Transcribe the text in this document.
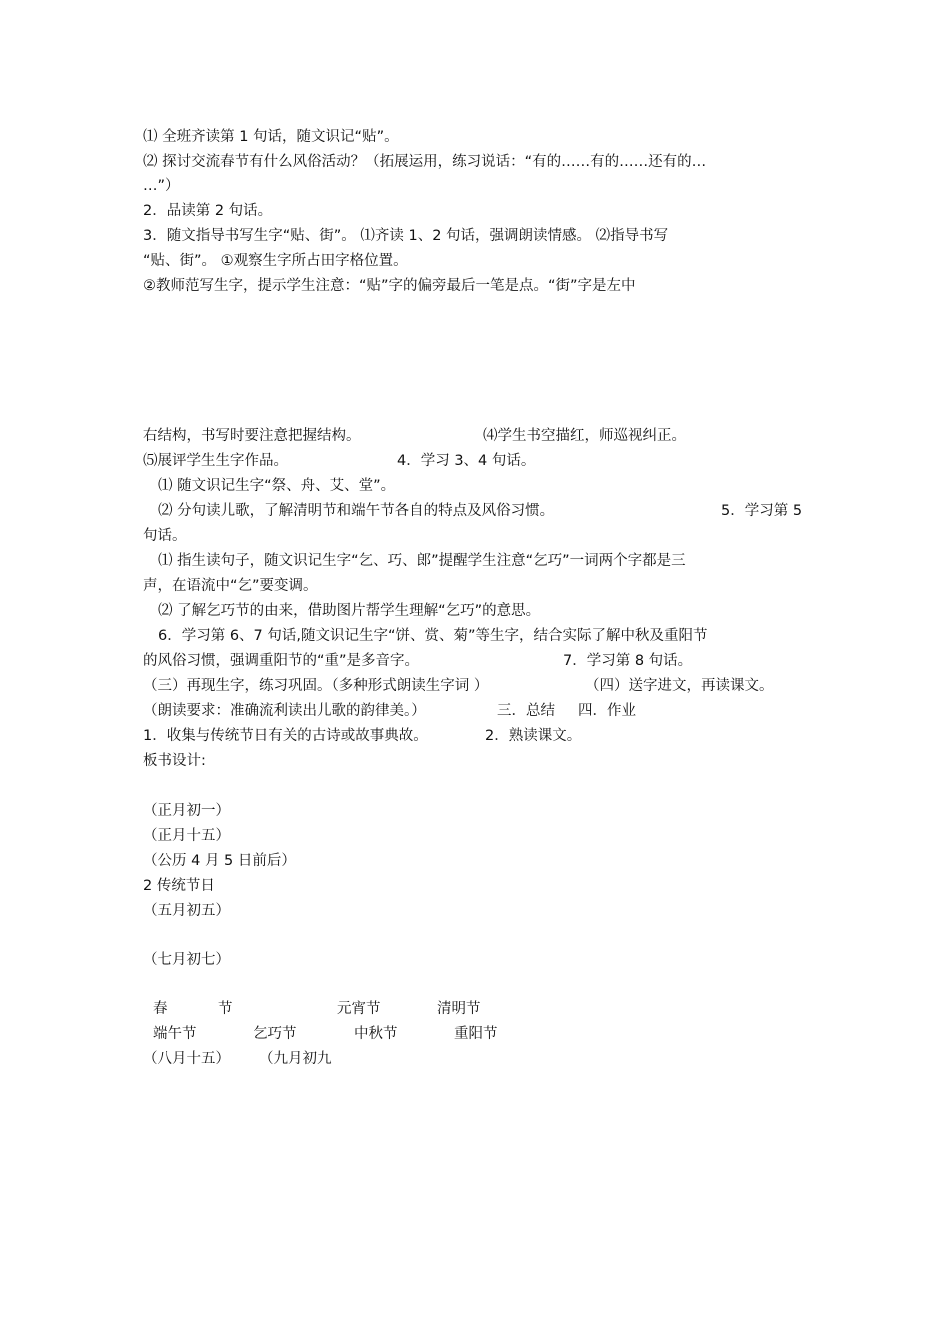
⑴ 全班齐读第 1 句话，随文识记“贴”。
⑵ 探讨交流春节有什么风俗活动？（拓展运用，练习说话：“有的……有的……还有的…
…”）
2．品读第 2 句话。
3．随文指导书写生字“贴、街”。 ⑴齐读 1、2 句话，强调朗读情感。 ⑵指导书写
“贴、街”。 ①观察生字所占田字格位置。
②教师范写生字，提示学生注意：“贴”字的偏旁最后一笔是点。“街”字是左中
右结构，书写时要注意把握结构。	⑷学生书空描红，师巡视纠正。
⑸展评学生生字作品。	4．学习 3、4 句话。
⑴ 随文识记生字“祭、舟、艾、堂”。
⑵ 分句读儿歌，了解清明节和端午节各自的特点及风俗习惯。	5．学习第 5
句话。
⑴ 指生读句子，随文识记生字“乞、巧、郎”提醒学生注意“乞巧”一词两个字都是三
声，在语流中“乞”要变调。
⑵ 了解乞巧节的由来，借助图片帮学生理解“乞巧”的意思。
6．学习第 6、7 句话,随文识记生字“饼、赏、菊”等生字，结合实际了解中秋及重阳节
的风俗习惯，强调重阳节的“重”是多音字。	7．学习第 8 句话。
（三）再现生字，练习巩固。（多种形式朗读生字词 ）	（四）送字进文，再读课文。
（朗读要求：准确流利读出儿歌的韵律美。）	三．总结 四．作业
1．收集与传统节日有关的古诗或故事典故。	2．熟读课文。
板书设计:
（正月初一）
（正月十五）
（公历 4 月 5 日前后）
2 传统节日
（五月初五）
（七月初七）
春	节	元宵节	清明节
端午节	乞巧节	中秋节	重阳节
（八月十五） （九月初九
